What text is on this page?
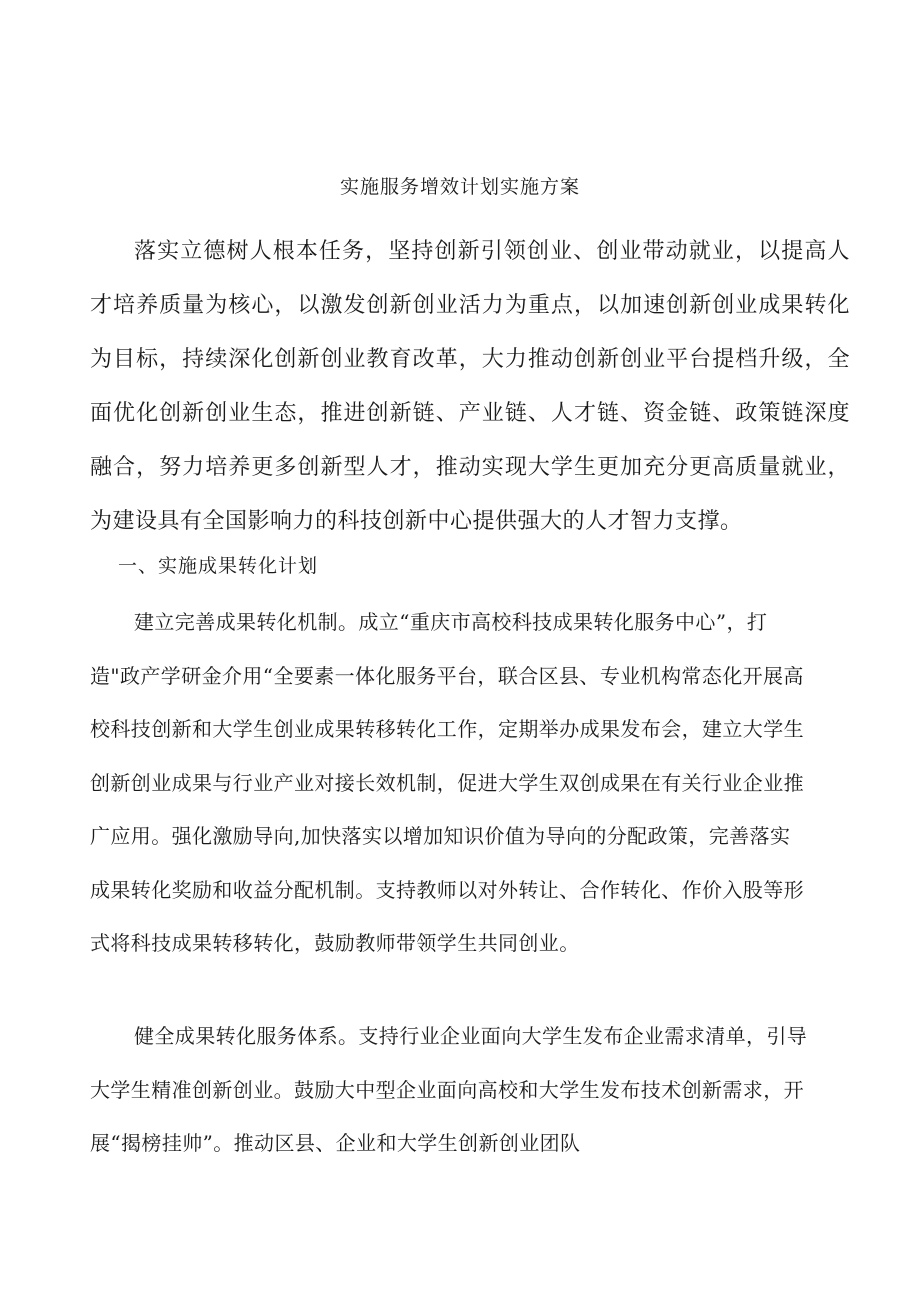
实施服务增效计划实施方案
落实立德树人根本任务，坚持创新引领创业、创业带动就业，以提高人才培养质量为核心，以激发创新创业活力为重点，以加速创新创业成果转化为目标，持续深化创新创业教育改革，大力推动创新创业平台提档升级，全面优化创新创业生态，推进创新链、产业链、人才链、资金链、政策链深度融合，努力培养更多创新型人才，推动实现大学生更加充分更高质量就业，为建设具有全国影响力的科技创新中心提供强大的人才智力支撑。
一、实施成果转化计划
建立完善成果转化机制。成立“重庆市高校科技成果转化服务中心”，打造"政产学研金介用“全要素一体化服务平台，联合区县、专业机构常态化开展高校科技创新和大学生创业成果转移转化工作，定期举办成果发布会，建立大学生创新创业成果与行业产业对接长效机制，促进大学生双创成果在有关行业企业推广应用。强化激励导向,加快落实以增加知识价值为导向的分配政策，完善落实成果转化奖励和收益分配机制。支持教师以对外转让、合作转化、作价入股等形式将科技成果转移转化，鼓励教师带领学生共同创业。
健全成果转化服务体系。支持行业企业面向大学生发布企业需求清单，引导大学生精准创新创业。鼓励大中型企业面向高校和大学生发布技术创新需求，开展“揭榜挂帅”。推动区县、企业和大学生创新创业团队
